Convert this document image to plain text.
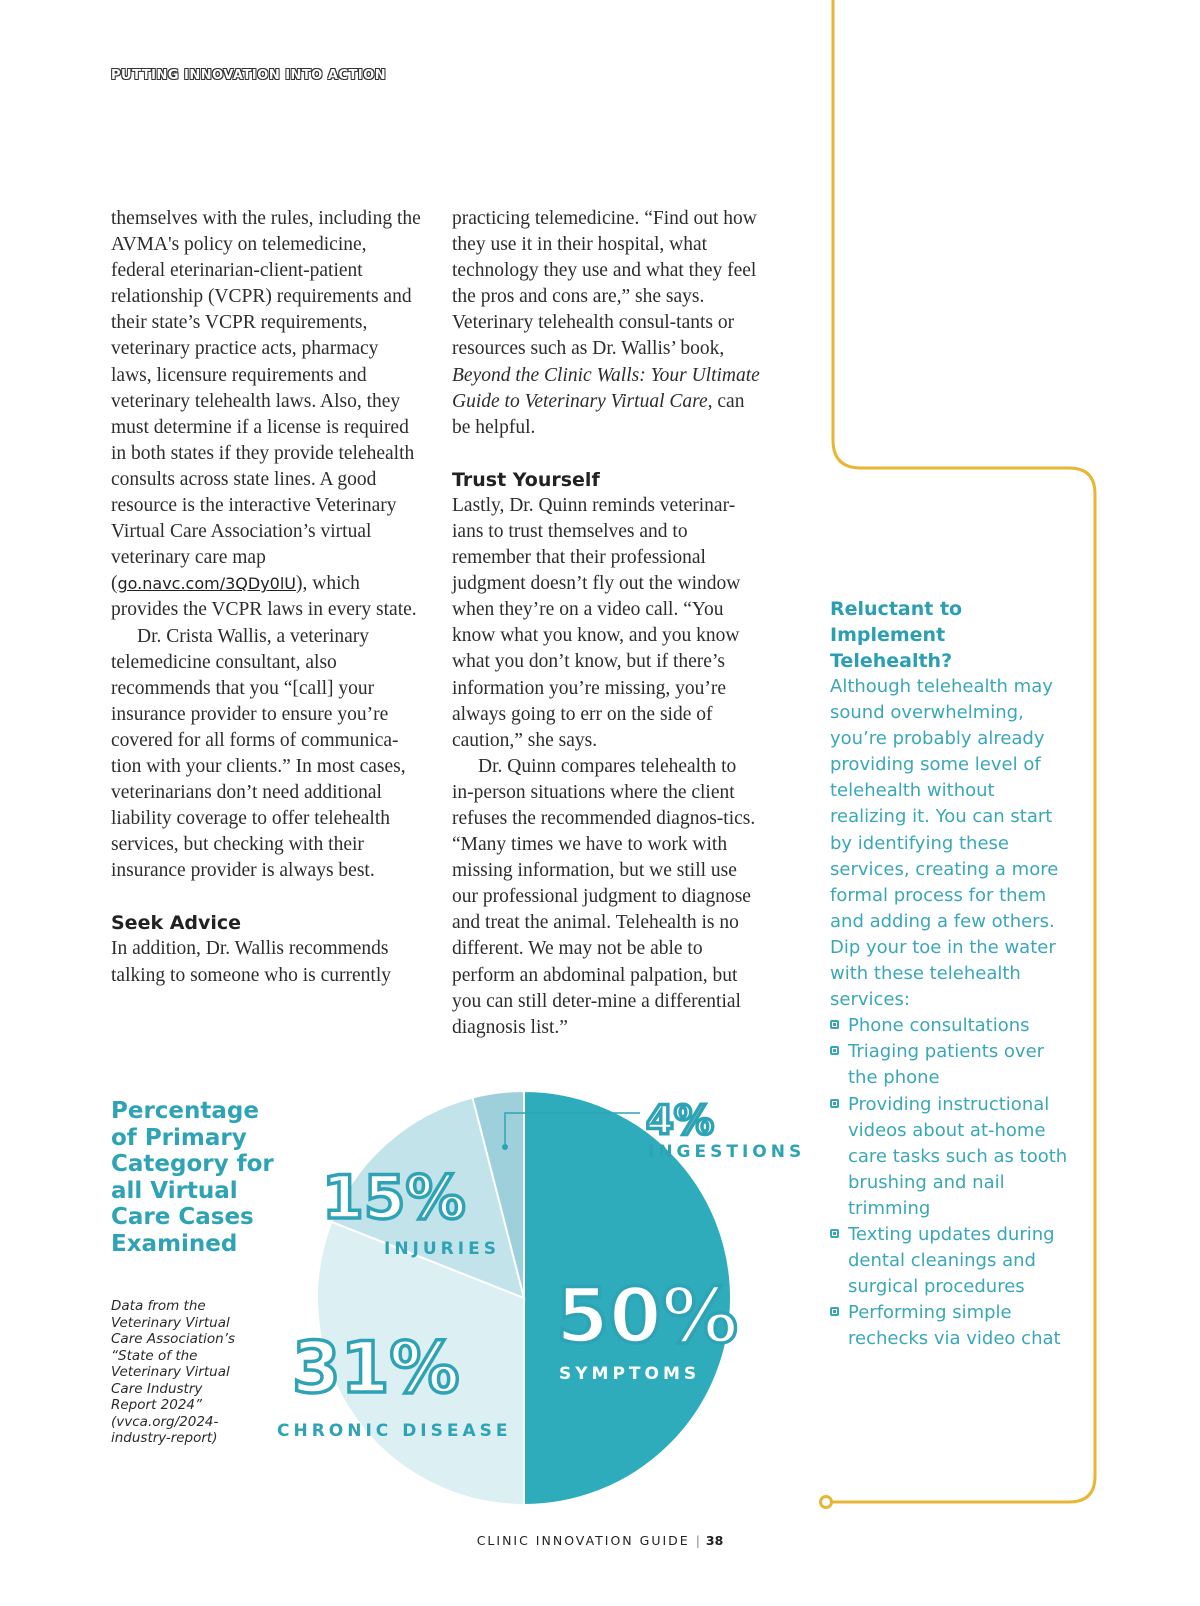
PUTTING INNOVATION INTO ACTION

themselves with the rules, including the AVMA's policy on telemedicine, federal eterinarian-client-patient relationship (VCPR) requirements and their state’s VCPR requirements, veterinary practice acts, pharmacy laws, licensure requirements and veterinary telehealth laws. Also, they must determine if a license is required in both states if they provide telehealth consults across state lines. A good resource is the interactive Veterinary Virtual Care Association’s virtual veterinary care map (go.navc.com/3QDy0lU), which provides the VCPR laws in every state.

Dr. Crista Wallis, a veterinary telemedicine consultant, also recommends that you “[call] your insurance provider to ensure you’re covered for all forms of communica-tion with your clients.” In most cases, veterinarians don’t need additional liability coverage to offer telehealth services, but checking with their insurance provider is always best.

Seek Advice

In addition, Dr. Wallis recommends talking to someone who is currently

practicing telemedicine. “Find out how they use it in their hospital, what technology they use and what they feel the pros and cons are,” she says. Veterinary telehealth consul-tants or resources such as Dr. Wallis’ book, Beyond the Clinic Walls: Your Ultimate Guide to Veterinary Virtual Care, can be helpful.

Trust Yourself

Lastly, Dr. Quinn reminds veterinar-ians to trust themselves and to remember that their professional judgment doesn’t fly out the window when they’re on a video call. “You know what you know, and you know what you don’t know, but if there’s information you’re missing, you’re always going to err on the side of caution,” she says.

Dr. Quinn compares telehealth to in-person situations where the client refuses the recommended diagnos-tics. “Many times we have to work with missing information, but we still use our professional judgment to diagnose and treat the animal. Telehealth is no different. We may not be able to perform an abdominal palpation, but you can still deter-mine a differential diagnosis list.”

Reluctant to Implement Telehealth?

Although telehealth may sound overwhelming, you’re probably already providing some level of telehealth without realizing it. You can start by identifying these services, creating a more formal process for them and adding a few others. Dip your toe in the water with these telehealth services:

Phone consultations
Triaging patients over the phone
Providing instructional videos about at-home care tasks such as tooth brushing and nail trimming
Texting updates during dental cleanings and surgical procedures
Performing simple rechecks via video chat
Percentage of Primary Category for all Virtual Care Cases Examined

Data from the Veterinary Virtual Care Association’s “State of the Veterinary Virtual Care Industry Report 2024” (vvca.org/2024-industry-report)

4%
INGESTIONS
15%
INJURIES
50%
SYMPTOMS
31%
CHRONIC DISEASE
CLINIC INNOVATION GUIDE | 38
